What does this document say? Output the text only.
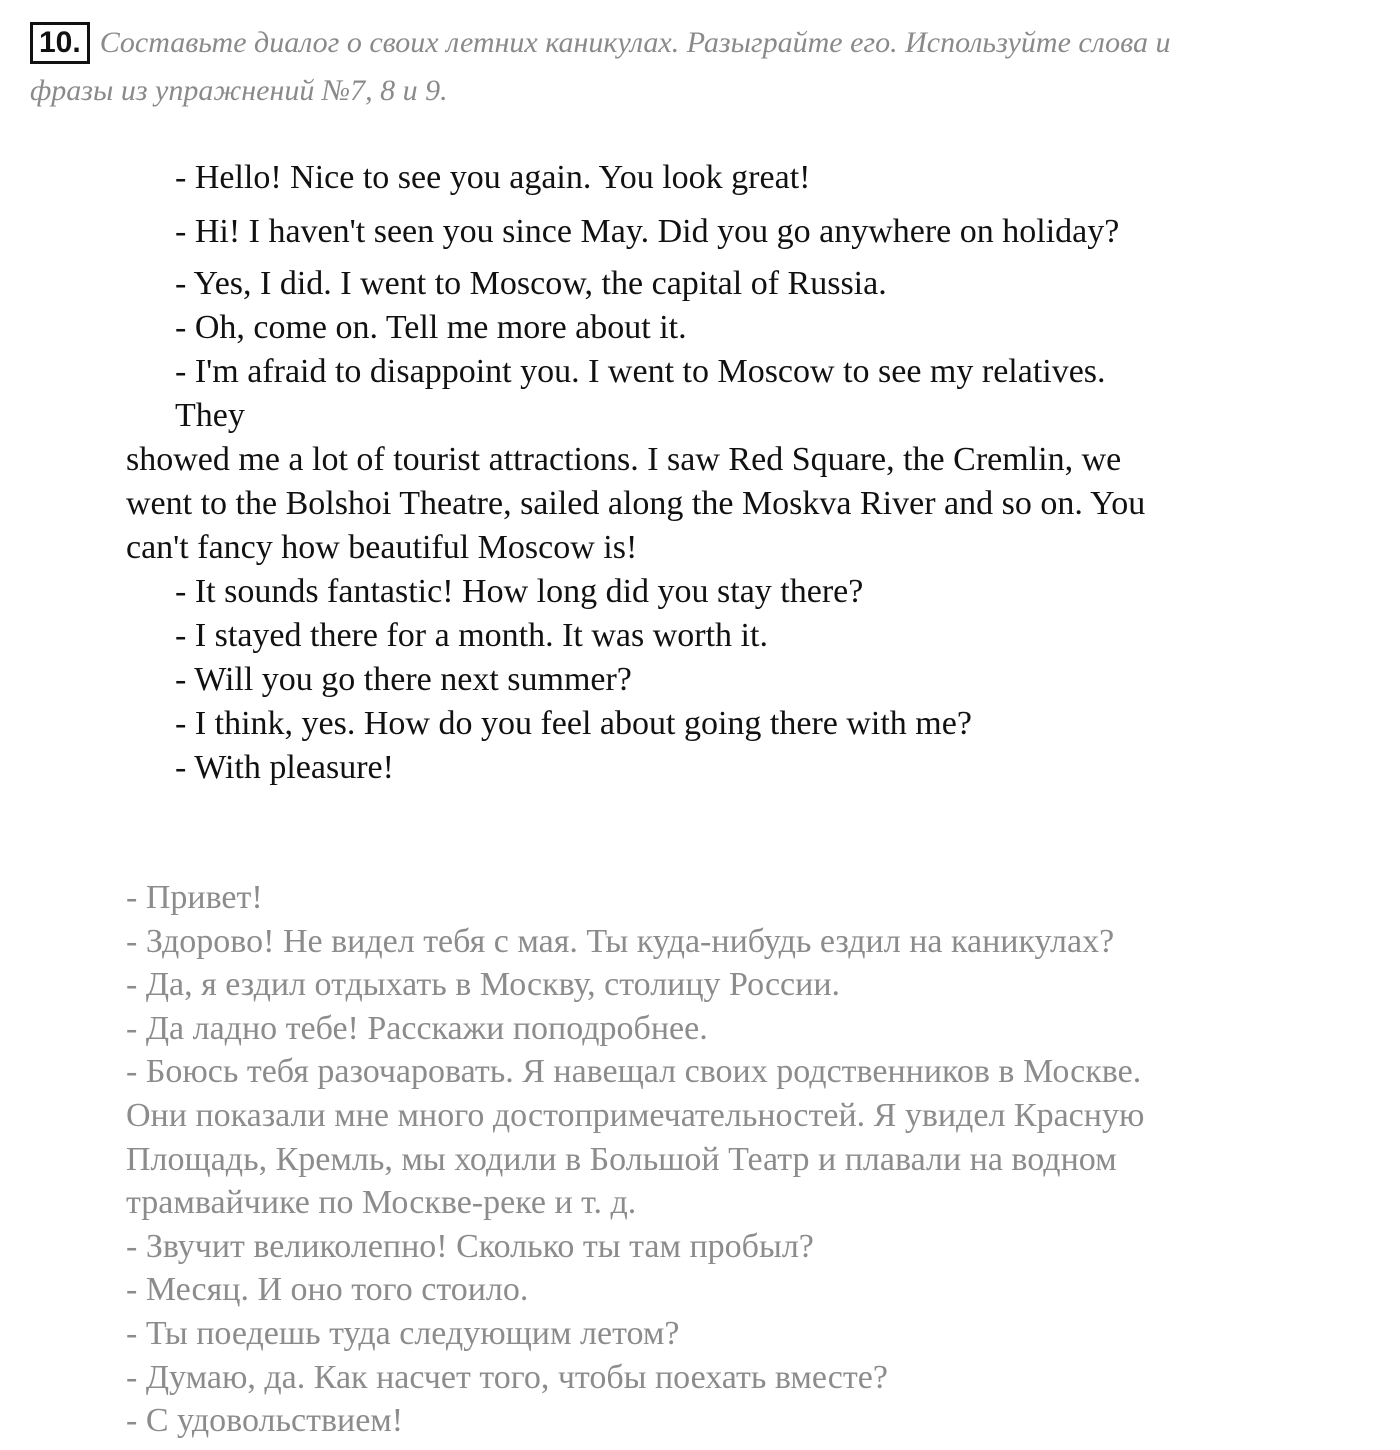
10. Составьте диалог о своих летних каникулах. Разыграйте его. Используйте слова и
фразы из упражнений №7, 8 и 9.
- Hello! Nice to see you again. You look great!
- Hi! I haven't seen you since May. Did you go anywhere on holiday?
- Yes, I did. I went to Moscow, the capital of Russia.
- Oh, come on. Tell me more about it.
- I'm afraid to disappoint you. I went to Moscow to see my relatives.
They
showed me a lot of tourist attractions. I saw Red Square, the Cremlin, we
went to the Bolshoi Theatre, sailed along the Moskva River and so on. You
can't fancy how beautiful Moscow is!
- It sounds fantastic! How long did you stay there?
- I stayed there for a month. It was worth it.
- Will you go there next summer?
- I think, yes. How do you feel about going there with me?
- With pleasure!
- Привет!
- Здорово! Не видел тебя с мая. Ты куда-нибудь ездил на каникулах?
- Да, я ездил отдыхать в Москву, столицу России.
- Да ладно тебе! Расскажи поподробнее.
- Боюсь тебя разочаровать. Я навещал своих родственников в Москве.
Они показали мне много достопримечательностей. Я увидел Красную
Площадь, Кремль, мы ходили в Большой Театр и плавали на водном
трамвайчике по Москве-реке и т. д.
- Звучит великолепно! Сколько ты там пробыл?
- Месяц. И оно того стоило.
- Ты поедешь туда следующим летом?
- Думаю, да. Как насчет того, чтобы поехать вместе?
- С удовольствием!
